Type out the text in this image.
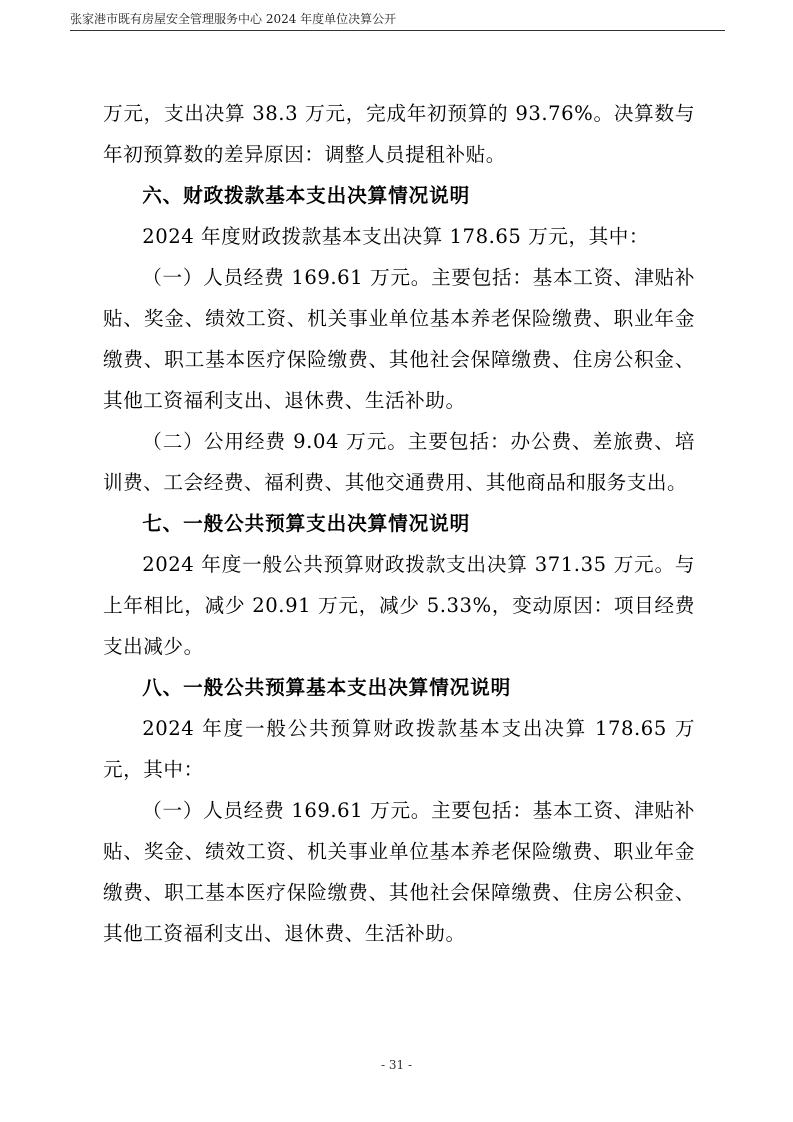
张家港市既有房屋安全管理服务中心 2024 年度单位决算公开

万元，支出决算 38.3 万元，完成年初预算的 93.76%。决算数与年初预算数的差异原因：调整人员提租补贴。

六、财政拨款基本支出决算情况说明

2024 年度财政拨款基本支出决算 178.65 万元，其中：

（一）人员经费 169.61 万元。主要包括：基本工资、津贴补贴、奖金、绩效工资、机关事业单位基本养老保险缴费、职业年金缴费、职工基本医疗保险缴费、其他社会保障缴费、住房公积金、其他工资福利支出、退休费、生活补助。

（二）公用经费 9.04 万元。主要包括：办公费、差旅费、培训费、工会经费、福利费、其他交通费用、其他商品和服务支出。

七、一般公共预算支出决算情况说明

2024 年度一般公共预算财政拨款支出决算 371.35 万元。与上年相比，减少 20.91 万元，减少 5.33%，变动原因：项目经费支出减少。

八、一般公共预算基本支出决算情况说明

2024 年度一般公共预算财政拨款基本支出决算 178.65 万元，其中：

（一）人员经费 169.61 万元。主要包括：基本工资、津贴补贴、奖金、绩效工资、机关事业单位基本养老保险缴费、职业年金缴费、职工基本医疗保险缴费、其他社会保障缴费、住房公积金、其他工资福利支出、退休费、生活补助。

- 31 -
